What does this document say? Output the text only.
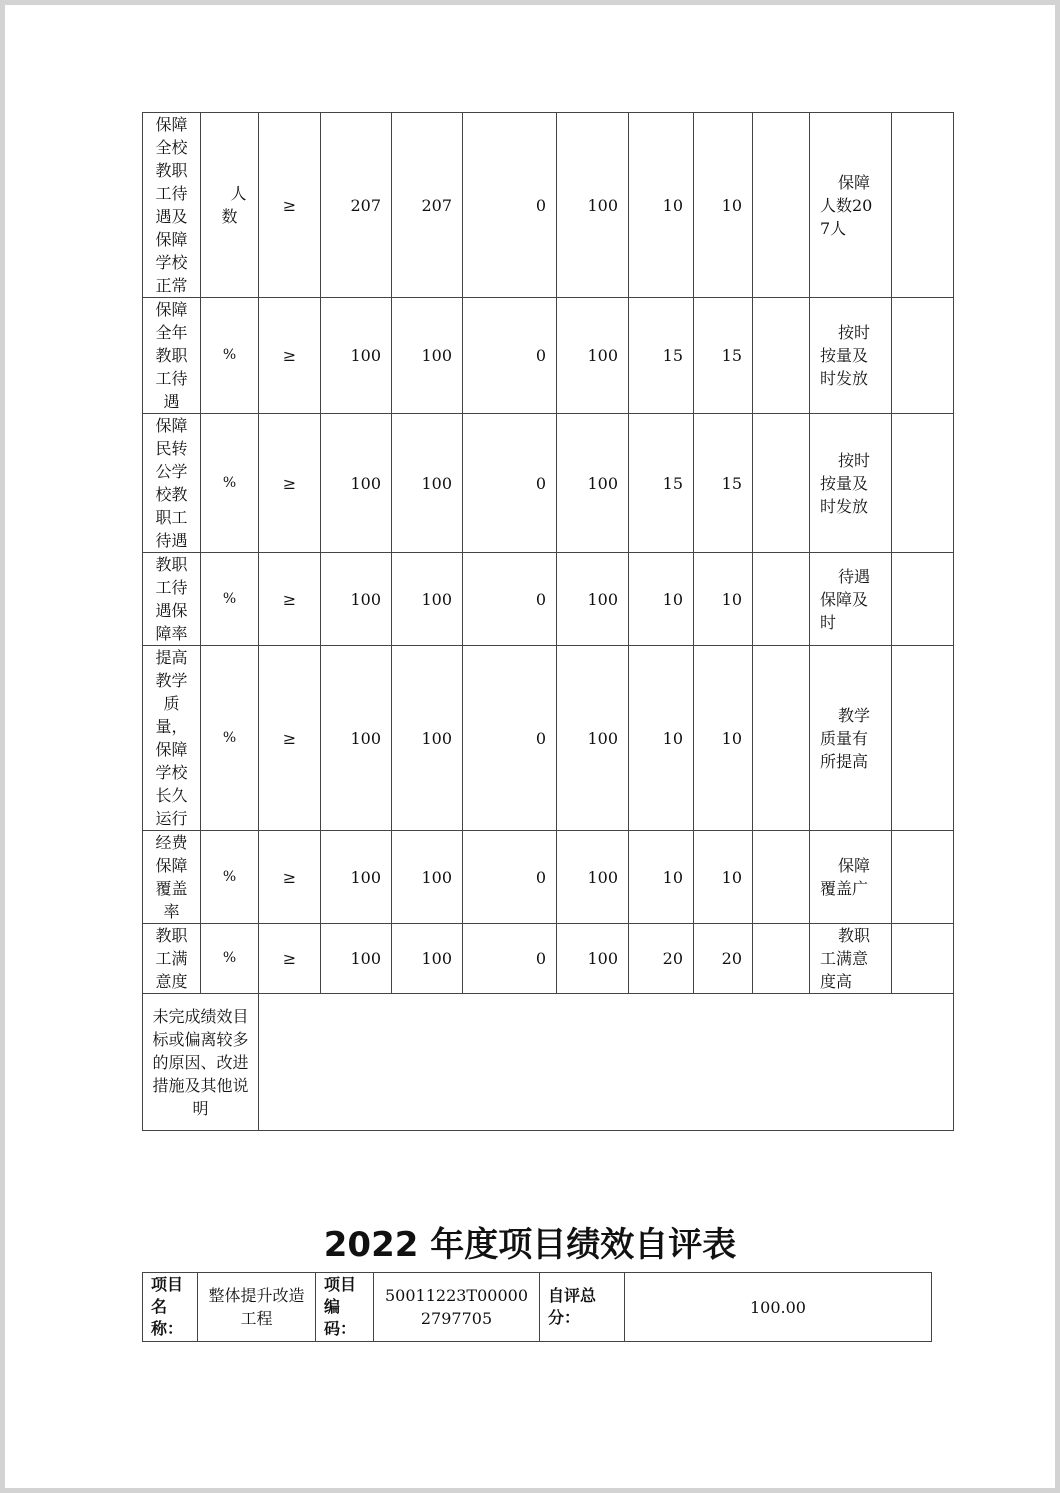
保障全校教职工待遇及保障学校正常	人数	≥	207	207	0	100	10	10		保障人数207人	

保障全年教职工待遇	%	≥	100	100	0	100	15	15		按时按量及时发放	

保障民转公学校教职工待遇	%	≥	100	100	0	100	15	15		按时按量及时发放	

教职工待遇保障率	%	≥	100	100	0	100	10	10		待遇保障及时	

提高教学质量，保障学校长久运行	%	≥	100	100	0	100	10	10		教学质量有所提高	

经费保障覆盖率	%	≥	100	100	0	100	10	10		保障覆盖广	

教职工满意度	%	≥	100	100	0	100	20	20		教职工满意度高	

未完成绩效目标或偏离较多的原因、改进措施及其他说明											
2022 年度项目绩效自评表
项目名称：	整体提升改造工程	项目编码：	50011223T000002797705	自评总分：	100.00
